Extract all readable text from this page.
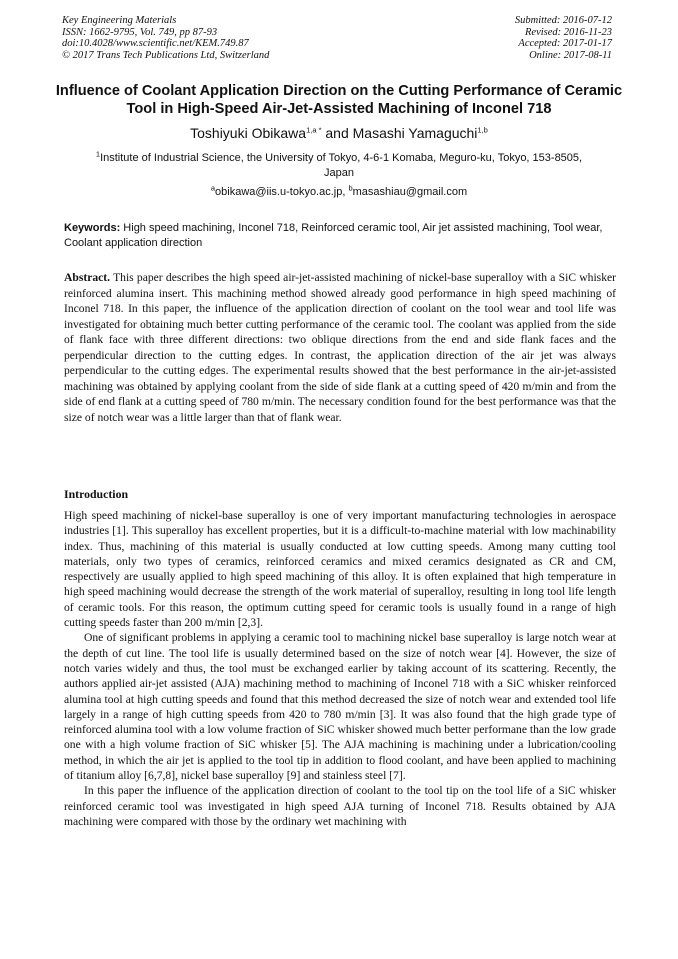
Key Engineering Materials
ISSN: 1662-9795, Vol. 749, pp 87-93
doi:10.4028/www.scientific.net/KEM.749.87
© 2017 Trans Tech Publications Ltd, Switzerland
Submitted: 2016-07-12
Revised: 2016-11-23
Accepted: 2017-01-17
Online: 2017-08-11
Influence of Coolant Application Direction on the Cutting Performance of Ceramic Tool in High-Speed Air-Jet-Assisted Machining of Inconel 718
Toshiyuki Obikawa$^{1,a *}$ and Masashi Yamaguchi$^{1,b}$
$^1$Institute of Industrial Science, the University of Tokyo, 4-6-1 Komaba, Meguro-ku, Tokyo, 153-8505, Japan
$^a$obikawa@iis.u-tokyo.ac.jp, $^b$masashiau@gmail.com
Keywords: High speed machining, Inconel 718, Reinforced ceramic tool, Air jet assisted machining, Tool wear, Coolant application direction
Abstract. This paper describes the high speed air-jet-assisted machining of nickel-base superalloy with a SiC whisker reinforced alumina insert. This machining method showed already good performance in high speed machining of Inconel 718. In this paper, the influence of the application direction of coolant on the tool wear and tool life was investigated for obtaining much better cutting performance of the ceramic tool. The coolant was applied from the side of flank face with three different directions: two oblique directions from the end and side flank faces and the perpendicular direction to the cutting edges. In contrast, the application direction of the air jet was always perpendicular to the cutting edges. The experimental results showed that the best performance in the air-jet-assisted machining was obtained by applying coolant from the side of side flank at a cutting speed of 420 m/min and from the side of end flank at a cutting speed of 780 m/min. The necessary condition found for the best performance was that the size of notch wear was a little larger than that of flank wear.
Introduction

High speed machining of nickel-base superalloy is one of very important manufacturing technologies in aerospace industries [1]. This superalloy has excellent properties, but it is a difficult-to-machine material with low machinability index. Thus, machining of this material is usually conducted at low cutting speeds. Among many cutting tool materials, only two types of ceramics, reinforced ceramics and mixed ceramics designated as CR and CM, respectively are usually applied to high speed machining of this alloy. It is often explained that high temperature in high speed machining would decrease the strength of the work material of superalloy, resulting in long tool life length of ceramic tools. For this reason, the optimum cutting speed for ceramic tools is usually found in a range of high cutting speeds faster than 200 m/min [2,3].

One of significant problems in applying a ceramic tool to machining nickel base superalloy is large notch wear at the depth of cut line. The tool life is usually determined based on the size of notch wear [4]. However, the size of notch varies widely and thus, the tool must be exchanged earlier by taking account of its scattering. Recently, the authors applied air-jet assisted (AJA) machining method to machining of Inconel 718 with a SiC whisker reinforced alumina tool at high cutting speeds and found that this method decreased the size of notch wear and extended tool life largely in a range of high cutting speeds from 420 to 780 m/min [3]. It was also found that the high grade type of reinforced alumina tool with a low volume fraction of SiC whisker showed much better performane than the low grade one with a high volume fraction of SiC whisker [5]. The AJA machining is machining under a lubrication/cooling method, in which the air jet is applied to the tool tip in addition to flood coolant, and have been applied to machining of titanium alloy [6,7,8], nickel base superalloy [9] and stainless steel [7].

In this paper the influence of the application direction of coolant to the tool tip on the tool life of a SiC whisker reinforced ceramic tool was investigated in high speed AJA turning of Inconel 718. Results obtained by AJA machining were compared with those by the ordinary wet machining with
